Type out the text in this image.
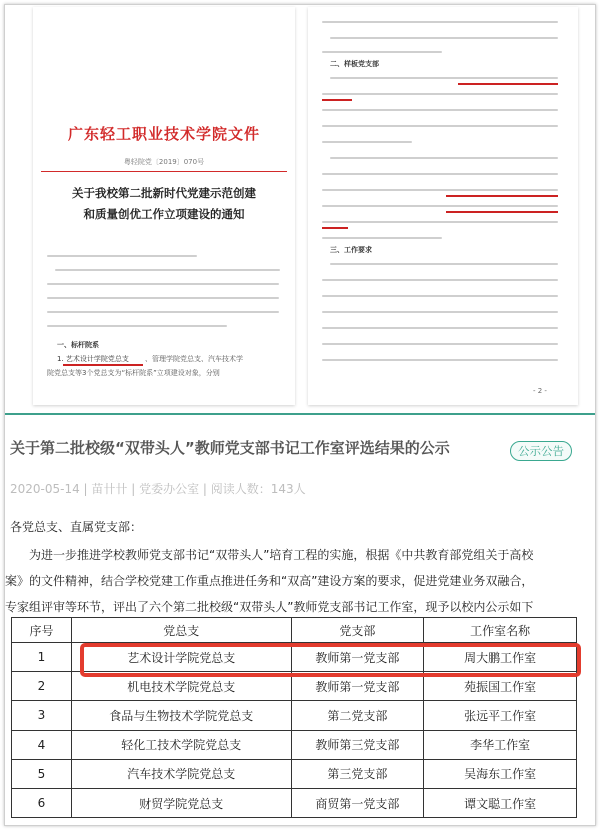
广东轻工职业技术学院文件
粤轻院党〔2019〕070号
关于我校第二批新时代党建示范创建
和质量创优工作立项建设的通知
一、标杆院系
1. 艺术设计学院党总支 、管理学院党总支、汽车技术学
院党总支等3个党总支为“标杆院系”立项建设对象，分别
二、样板党支部
三、工作要求
- 2 -
关于第二批校级“双带头人”教师党支部书记工作室评选结果的公示	公示公告
2020-05-14 | 苗卄卄 | 党委办公室 | 阅读人数：143人
各党总支、直属党支部：
　　为进一步推进学校教师党支部书记“双带头人”培育工程的实施，根据《中共教育部党组关于高校
案》的文件精神，结合学校党建工作重点推进任务和“双高”建设方案的要求，促进党建业务双融合，
专家组评审等环节，评出了六个第二批校级“双带头人”教师党支部书记工作室，现予以校内公示如下
序号	党总支	党支部	工作室名称
1	艺术设计学院党总支	教师第一党支部	周大鹏工作室
2	机电技术学院党总支	教师第一党支部	苑振国工作室
3	食品与生物技术学院党总支	第二党支部	张远平工作室
4	轻化工技术学院党总支	教师第三党支部	李华工作室
5	汽车技术学院党总支	第三党支部	吴海东工作室
6	财贸学院党总支	商贸第一党支部	谭文聪工作室
